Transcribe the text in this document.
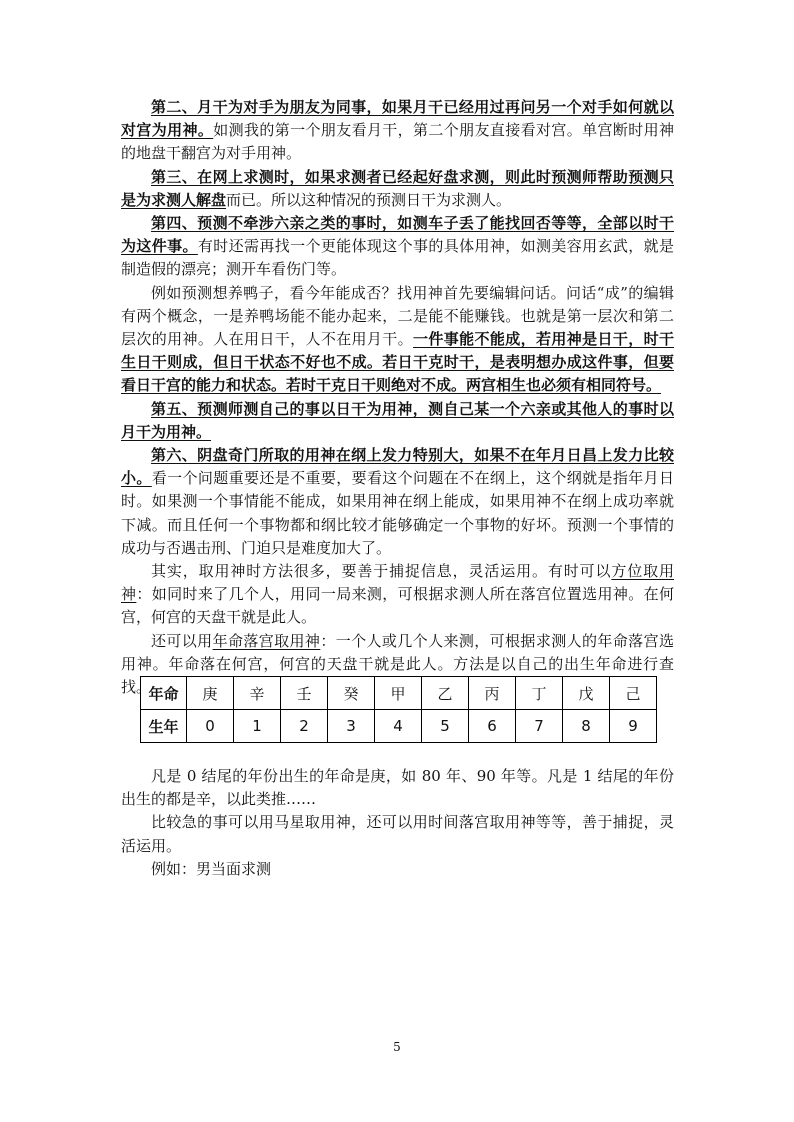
第二、月干为对手为朋友为同事，如果月干已经用过再问另一个对手如何就以对宫为用神。如测我的第一个朋友看月干，第二个朋友直接看对宫。单宫断时用神的地盘干翻宫为对手用神。

第三、在网上求测时，如果求测者已经起好盘求测，则此时预测师帮助预测只是为求测人解盘而已。所以这种情况的预测日干为求测人。

第四、预测不牵涉六亲之类的事时，如测车子丢了能找回否等等，全部以时干为这件事。有时还需再找一个更能体现这个事的具体用神，如测美容用玄武，就是制造假的漂亮；测开车看伤门等。

例如预测想养鸭子，看今年能成否？找用神首先要编辑问话。问话“成”的编辑有两个概念，一是养鸭场能不能办起来，二是能不能赚钱。也就是第一层次和第二层次的用神。人在用日干，人不在用月干。一件事能不能成，若用神是日干，时干生日干则成，但日干状态不好也不成。若日干克时干，是表明想办成这件事，但要看日干宫的能力和状态。若时干克日干则绝对不成。两宫相生也必须有相同符号。

第五、预测师测自己的事以日干为用神，测自己某一个六亲或其他人的事时以月干为用神。

第六、阴盘奇门所取的用神在纲上发力特别大，如果不在年月日昌上发力比较小。看一个问题重要还是不重要，要看这个问题在不在纲上，这个纲就是指年月日时。如果测一个事情能不能成，如果用神在纲上能成，如果用神不在纲上成功率就下减。而且任何一个事物都和纲比较才能够确定一个事物的好坏。预测一个事情的成功与否遇击刑、门迫只是难度加大了。

其实，取用神时方法很多，要善于捕捉信息，灵活运用。有时可以方位取用神：如同时来了几个人，用同一局来测，可根据求测人所在落宫位置选用神。在何宫，何宫的天盘干就是此人。

还可以用年命落宫取用神：一个人或几个人来测，可根据求测人的年命落宫选用神。年命落在何宫，何宫的天盘干就是此人。方法是以自己的出生年命进行查找。

年命	庚	辛	壬	癸	甲	乙	丙	丁	戊	己
生年	0	1	2	3	4	5	6	7	8	9

凡是 0 结尾的年份出生的年命是庚，如 80 年、90 年等。凡是 1 结尾的年份出生的都是辛，以此类推……

比较急的事可以用马星取用神，还可以用时间落宫取用神等等，善于捕捉，灵活运用。

例如：男当面求测

5
